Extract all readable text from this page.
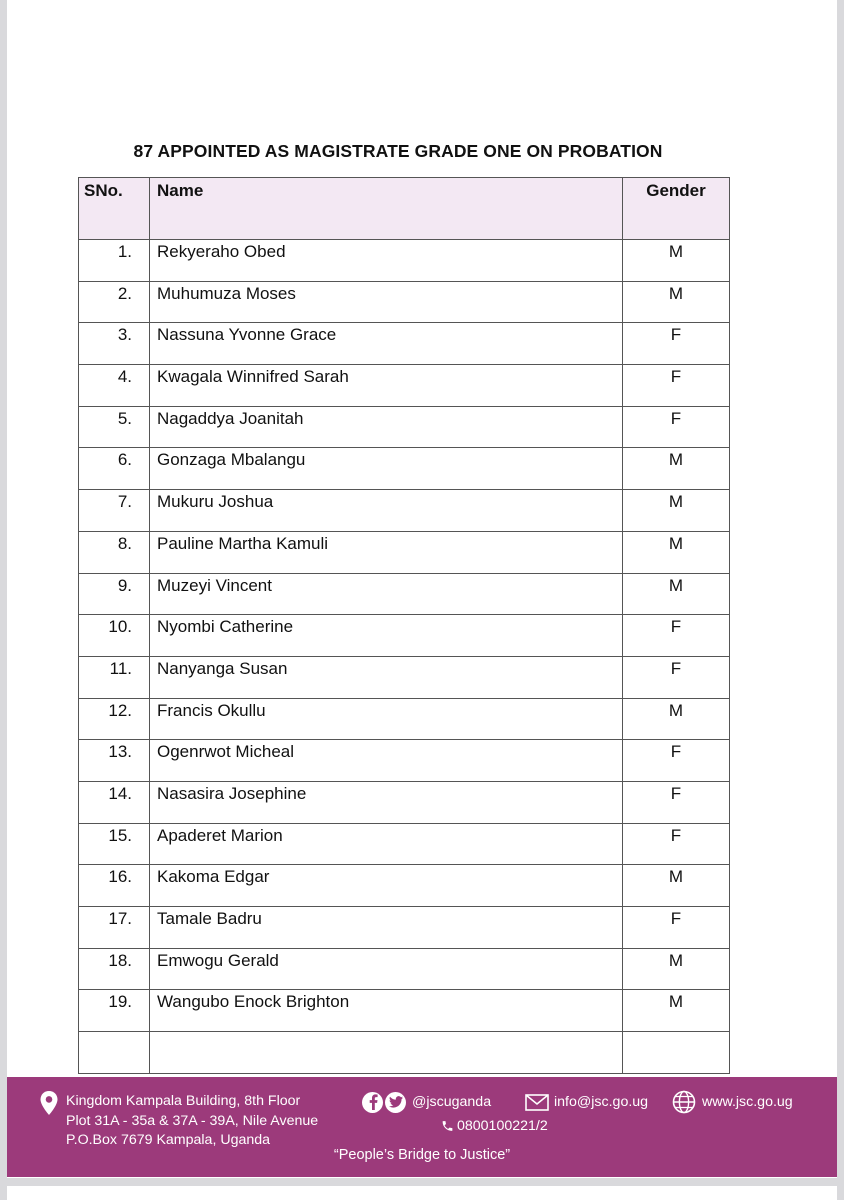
87 APPOINTED AS MAGISTRATE GRADE ONE ON PROBATION
SNo.	Name	Gender
1.	Rekyeraho Obed	M
2.	Muhumuza Moses	M
3.	Nassuna Yvonne Grace	F
4.	Kwagala Winnifred Sarah	F
5.	Nagaddya Joanitah	F
6.	Gonzaga Mbalangu	M
7.	Mukuru Joshua	M
8.	Pauline Martha Kamuli	M
9.	Muzeyi Vincent	M
10.	Nyombi Catherine	F
11.	Nanyanga Susan	F
12.	Francis Okullu	M
13.	Ogenrwot Micheal	F
14.	Nasasira Josephine	F
15.	Apaderet Marion	F
16.	Kakoma Edgar	M
17.	Tamale Badru	F
18.	Emwogu Gerald	M
19.	Wangubo Enock Brighton	M

Kingdom Kampala Building, 8th Floor
Plot 31A - 35a & 37A - 39A, Nile Avenue
P.O.Box 7679 Kampala, Uganda
@jscuganda	info@jsc.go.ug	www.jsc.go.ug
0800100221/2
“People’s Bridge to Justice”
